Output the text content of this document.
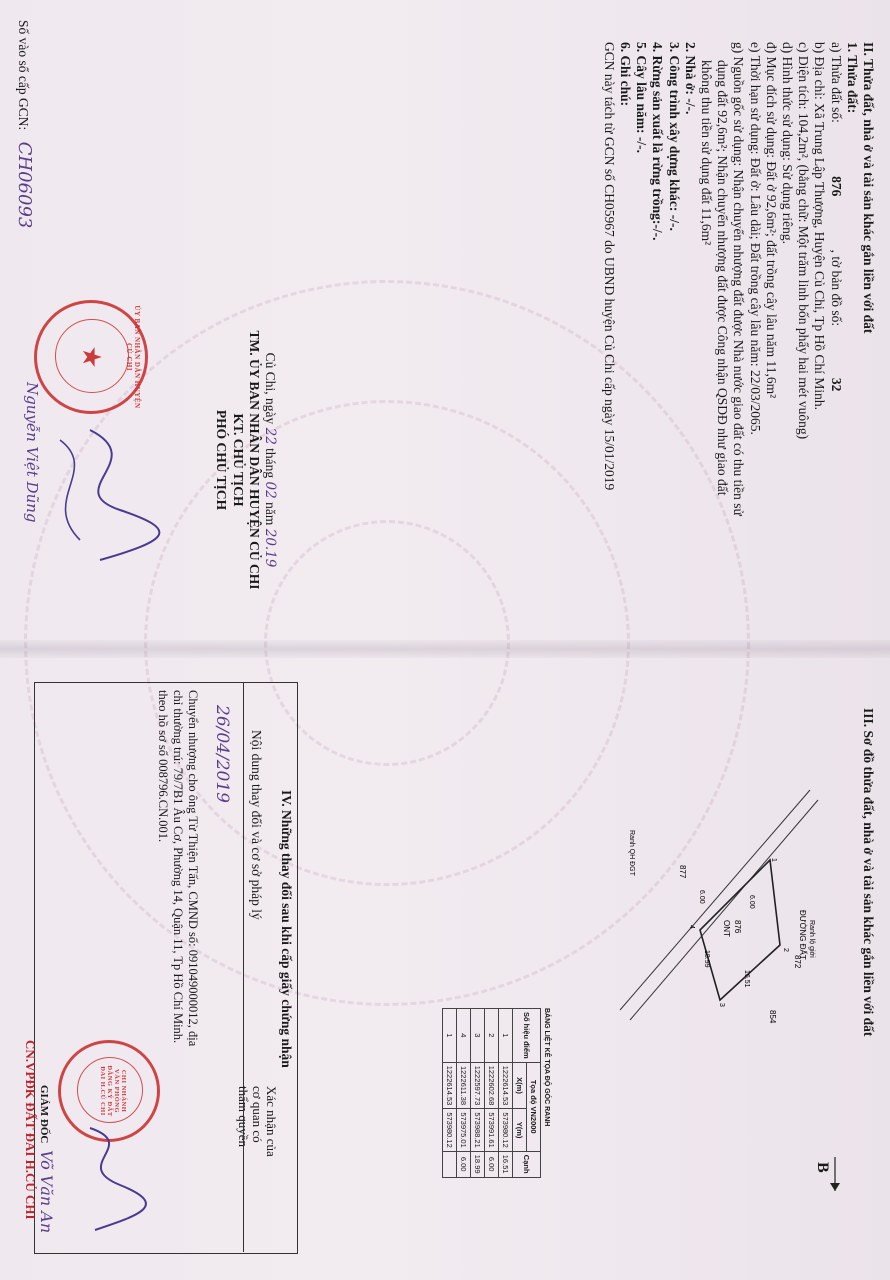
II. Thửa đất, nhà ở và tài sản khác gắn liền với đất
1. Thửa đất:
a) Thửa đất số: 876 , tờ bản đồ số: 32
b) Địa chỉ: Xã Trung Lập Thượng, Huyện Củ Chi, Tp Hồ Chí Minh.
c) Diện tích: 104,2m², (bằng chữ: Một trăm linh bốn phẩy hai mét vuông)
d) Hình thức sử dụng: Sử dụng riêng.
đ) Mục đích sử dụng: Đất ở 92,6m²; đất trồng cây lâu năm 11,6m²
e) Thời hạn sử dụng: Đất ở: Lâu dài; Đất trồng cây lâu năm: 22/03/2065.
g) Nguồn gốc sử dụng: Nhận chuyển nhượng đất được Nhà nước giao đất có thu tiền sử
dụng đất 92,6m²; Nhận chuyển nhượng đất được Công nhận QSDĐ như giao đất
không thu tiền sử dụng đất 11,6m²
2. Nhà ở: -/-.
3. Công trình xây dựng khác: -/-.
4. Rừng sản xuất là rừng trồng:-/-.
5. Cây lâu năm: -/-.
6. Ghi chú:
GCN này tách từ GCN số CH05967 do UBND huyện Củ Chi cấp ngày 15/01/2019
Củ Chi, ngày 22 tháng 02 năm 20.19
TM. ỦY BAN NHÂN DÂN HUYỆN CỦ CHI
KT. CHỦ TỊCH
PHÓ CHỦ TỊCH
ỦY BAN NHÂN DÂN HUYỆN CỦ CHI
★
Nguyễn Việt Dũng
Số vào sổ cấp GCN: CH06093
III. Sơ đồ thửa đất, nhà ở và tài sản khác gắn liền với đất
ĐƯỜNG ĐẤT Ranh lộ giới
Ranh QH ĐGT
876
ONT
872
877
854
6.00
16.51
18.99
6.00
1
2
3
4
B
BẢNG LIỆT KÊ TỌA ĐỘ GÓC RANH
Số hiệu điểm	Tọa độ VN2000		Cạnh
	X(m)	Y(m)	
1	1222614.53	573980.12	16.51
2	1222602.68	573991.61	6.00
3	1222597.73	573988.21	18.99
4	1222611.38	573975.01	6.00
1	1222614.53	573980.12	
IV. Những thay đổi sau khi cấp giấy chứng nhận
Nội dung thay đổi và cơ sở pháp lý
Xác nhận của cơ quan có thẩm quyền
26/04/2019
Chuyển nhượng cho ông Từ Thiện Tấn, CMND số: 091049000012, địa
chỉ thường trú: 79/7B1 Âu Cơ, Phường 14, Quận 11, Tp Hồ Chí Minh.
theo hồ sơ số 008796.CN.001.
CN.VPĐK ĐẤT ĐAI H.CỦ CHI GIÁM ĐỐC	CHI NHÁNH VĂN PHÒNG ĐĂNG KÝ ĐẤT ĐAI H.CỦ CHI
Võ Văn An
